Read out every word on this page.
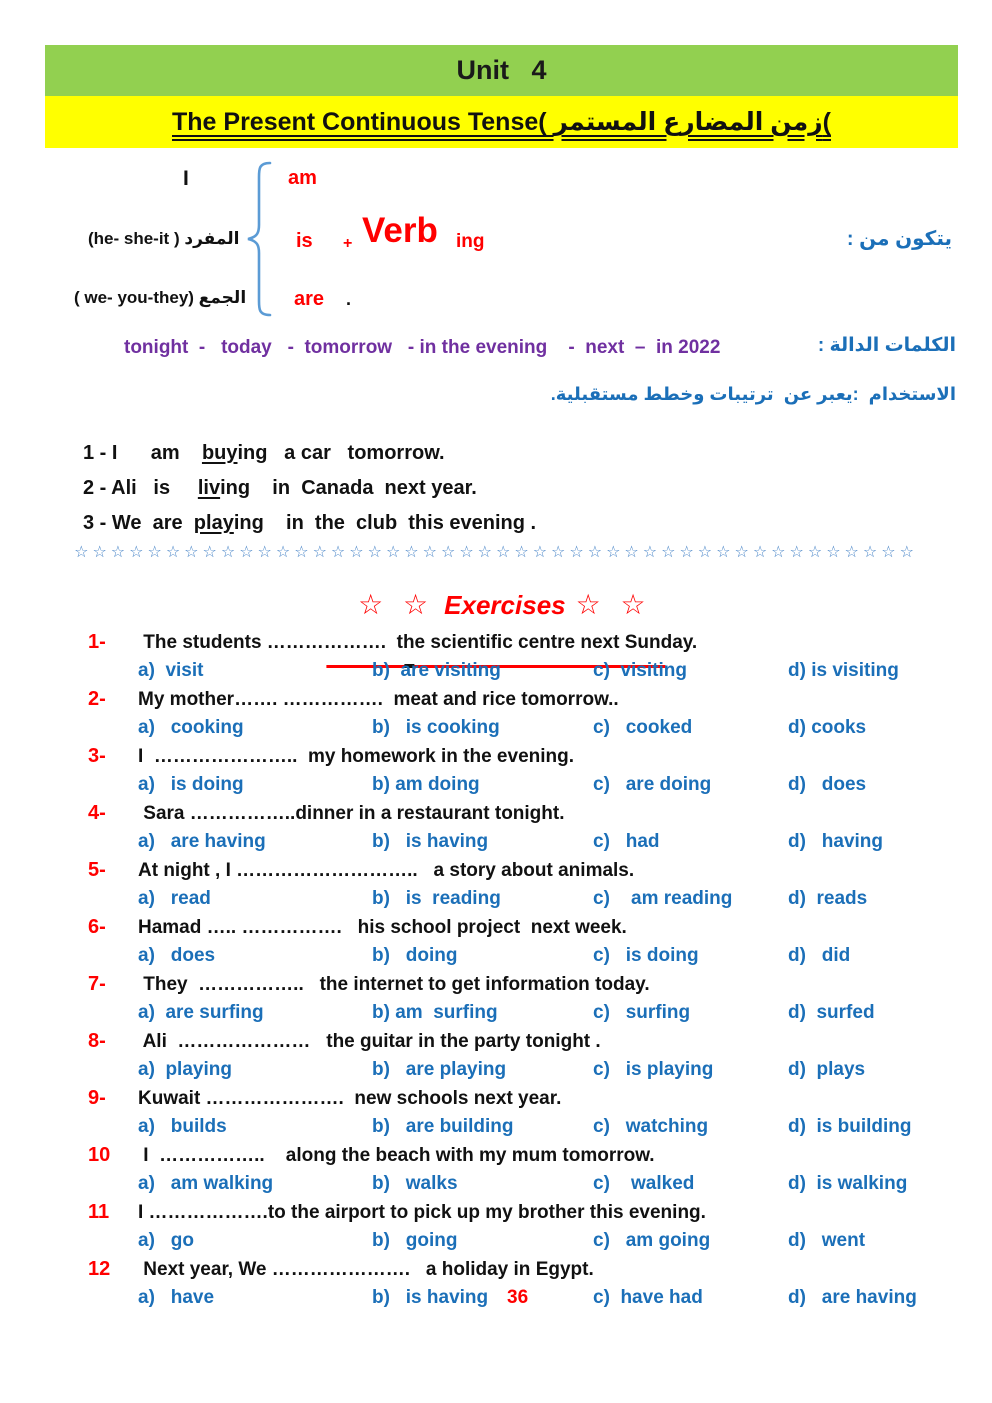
Unit   4
The Present Continuous Tense( زمن المضارع المستمر(
I	am
(he- she-it ) المفرد	is + Verb ing
( we- you-they) الجمع are .
يتكون من :
tonight  -   today   -  tomorrow   - in the evening    -  next  –  in 2022	الكلمات الدالة :
الاستخدام  :يعبر عن  ترتيبات وخطط مستقبلية.
1 - I      am    buying   a car   tomorrow.
2 - Ali   is     living    in  Canada  next year.
3 - We  are  playing    in  the  club  this evening .
☆☆☆☆☆☆☆☆☆☆☆☆☆☆☆☆☆☆☆☆☆☆☆☆☆☆☆☆☆☆☆☆☆☆☆☆☆☆☆☆☆☆☆☆☆☆

☆ ☆ Exercises ☆ ☆

1- The students ……………….  the scientific centre next Sunday.
a)  visit	b)  are visiting	c)  visiting	d) is visiting
2- My mother……. …………….  meat and rice tomorrow..
a)   cooking	b)   is cooking	c)   cooked	d) cooks
3- I  …………………..  my homework in the evening.
a)   is doing	b) am doing	c)   are doing	d)   does
4- Sara ……………..dinner in a restaurant tonight.
a)   are having	b)   is having	c)   had	d)   having
5- At night , I ………………………..   a story about animals.
a)   read	b)   is  reading	c)    am reading	d)  reads
6- Hamad ….. …………….   his school project  next week.
a)   does	b)   doing	c)   is doing	d)   did
7- They  ……………..   the internet to get information today.
a)  are surfing	b) am  surfing	c)   surfing	d)  surfed
8- Ali  …………………   the guitar in the party tonight .
a)  playing	b)   are playing	c)   is playing	d)  plays
9- Kuwait ………………….  new schools next year.
a)   builds	b)   are building	c)   watching	d)  is building
10 I  ……………..    along the beach with my mum tomorrow.
a)   am walking	b)   walks	c)    walked	d)  is walking
11 I ……………….to the airport to pick up my brother this evening.
a)   go	b)   going	c)   am going	d)   went
12 Next year, We ………………….   a holiday in Egypt.
a)   have	b)   is having	c)  have had	d)   are having
36
